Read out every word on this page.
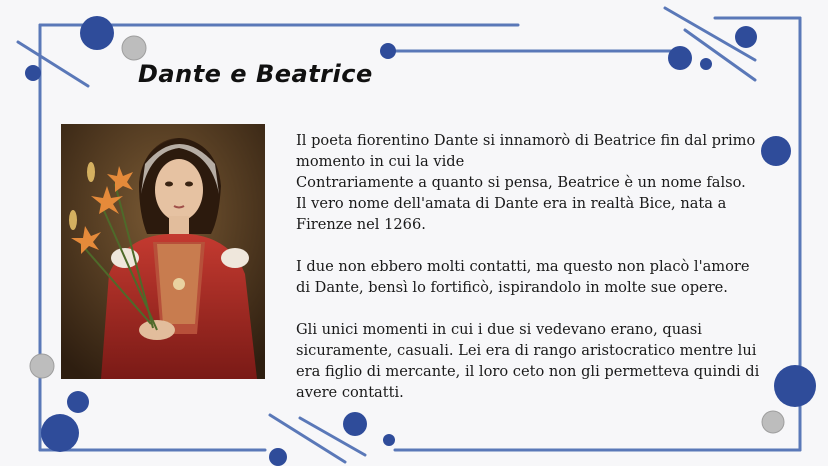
Dante e Beatrice

Il poeta fiorentino Dante si innamorò di Beatrice fin dal primo momento in cui la vide

Contrariamente a quanto si pensa, Beatrice è un nome falso.

Il vero nome dell'amata di Dante era in realtà Bice, nata a Firenze nel 1266.

I due non ebbero molti contatti, ma questo non placò l'amore di Dante, bensì lo fortificò, ispirandolo in molte sue opere.

Gli unici momenti in cui i due si vedevano erano, quasi sicuramente, casuali. Lei era di rango aristocratico mentre lui era figlio di mercante, il loro ceto non gli permetteva quindi di avere contatti.
